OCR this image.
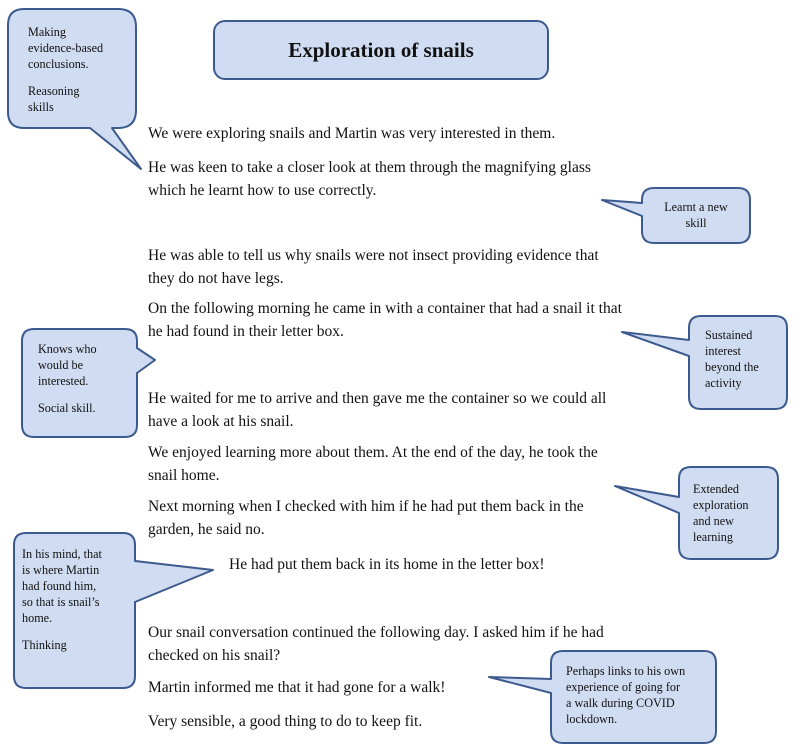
Exploration of snails

We were exploring snails and Martin was very interested in them.

He was keen to take a closer look at them through the magnifying glass
which he learnt how to use correctly.

He was able to tell us why snails were not insect providing evidence that
they do not have legs.

On the following morning he came in with a container that had a snail it that
he had found in their letter box.

He waited for me to arrive and then gave me the container so we could all
have a look at his snail.

We enjoyed learning more about them. At the end of the day, he took the
snail home.

Next morning when I checked with him if he had put them back in the
garden, he said no.

He had put them back in its home in the letter box!

Our snail conversation continued the following day. I asked him if he had
checked on his snail?

Martin informed me that it had gone for a walk!

Very sensible, a good thing to do to keep fit.

Making
evidence-based
conclusions.
Reasoning
skills
Learnt a new
skill
Sustained
interest
beyond the
activity
Knows who
would be
interested.
Social skill.
Extended
exploration
and new
learning
In his mind, that
is where Martin
had found him,
so that is snail’s
home.
Thinking
Perhaps links to his own
experience of going for
a walk during COVID
lockdown.
